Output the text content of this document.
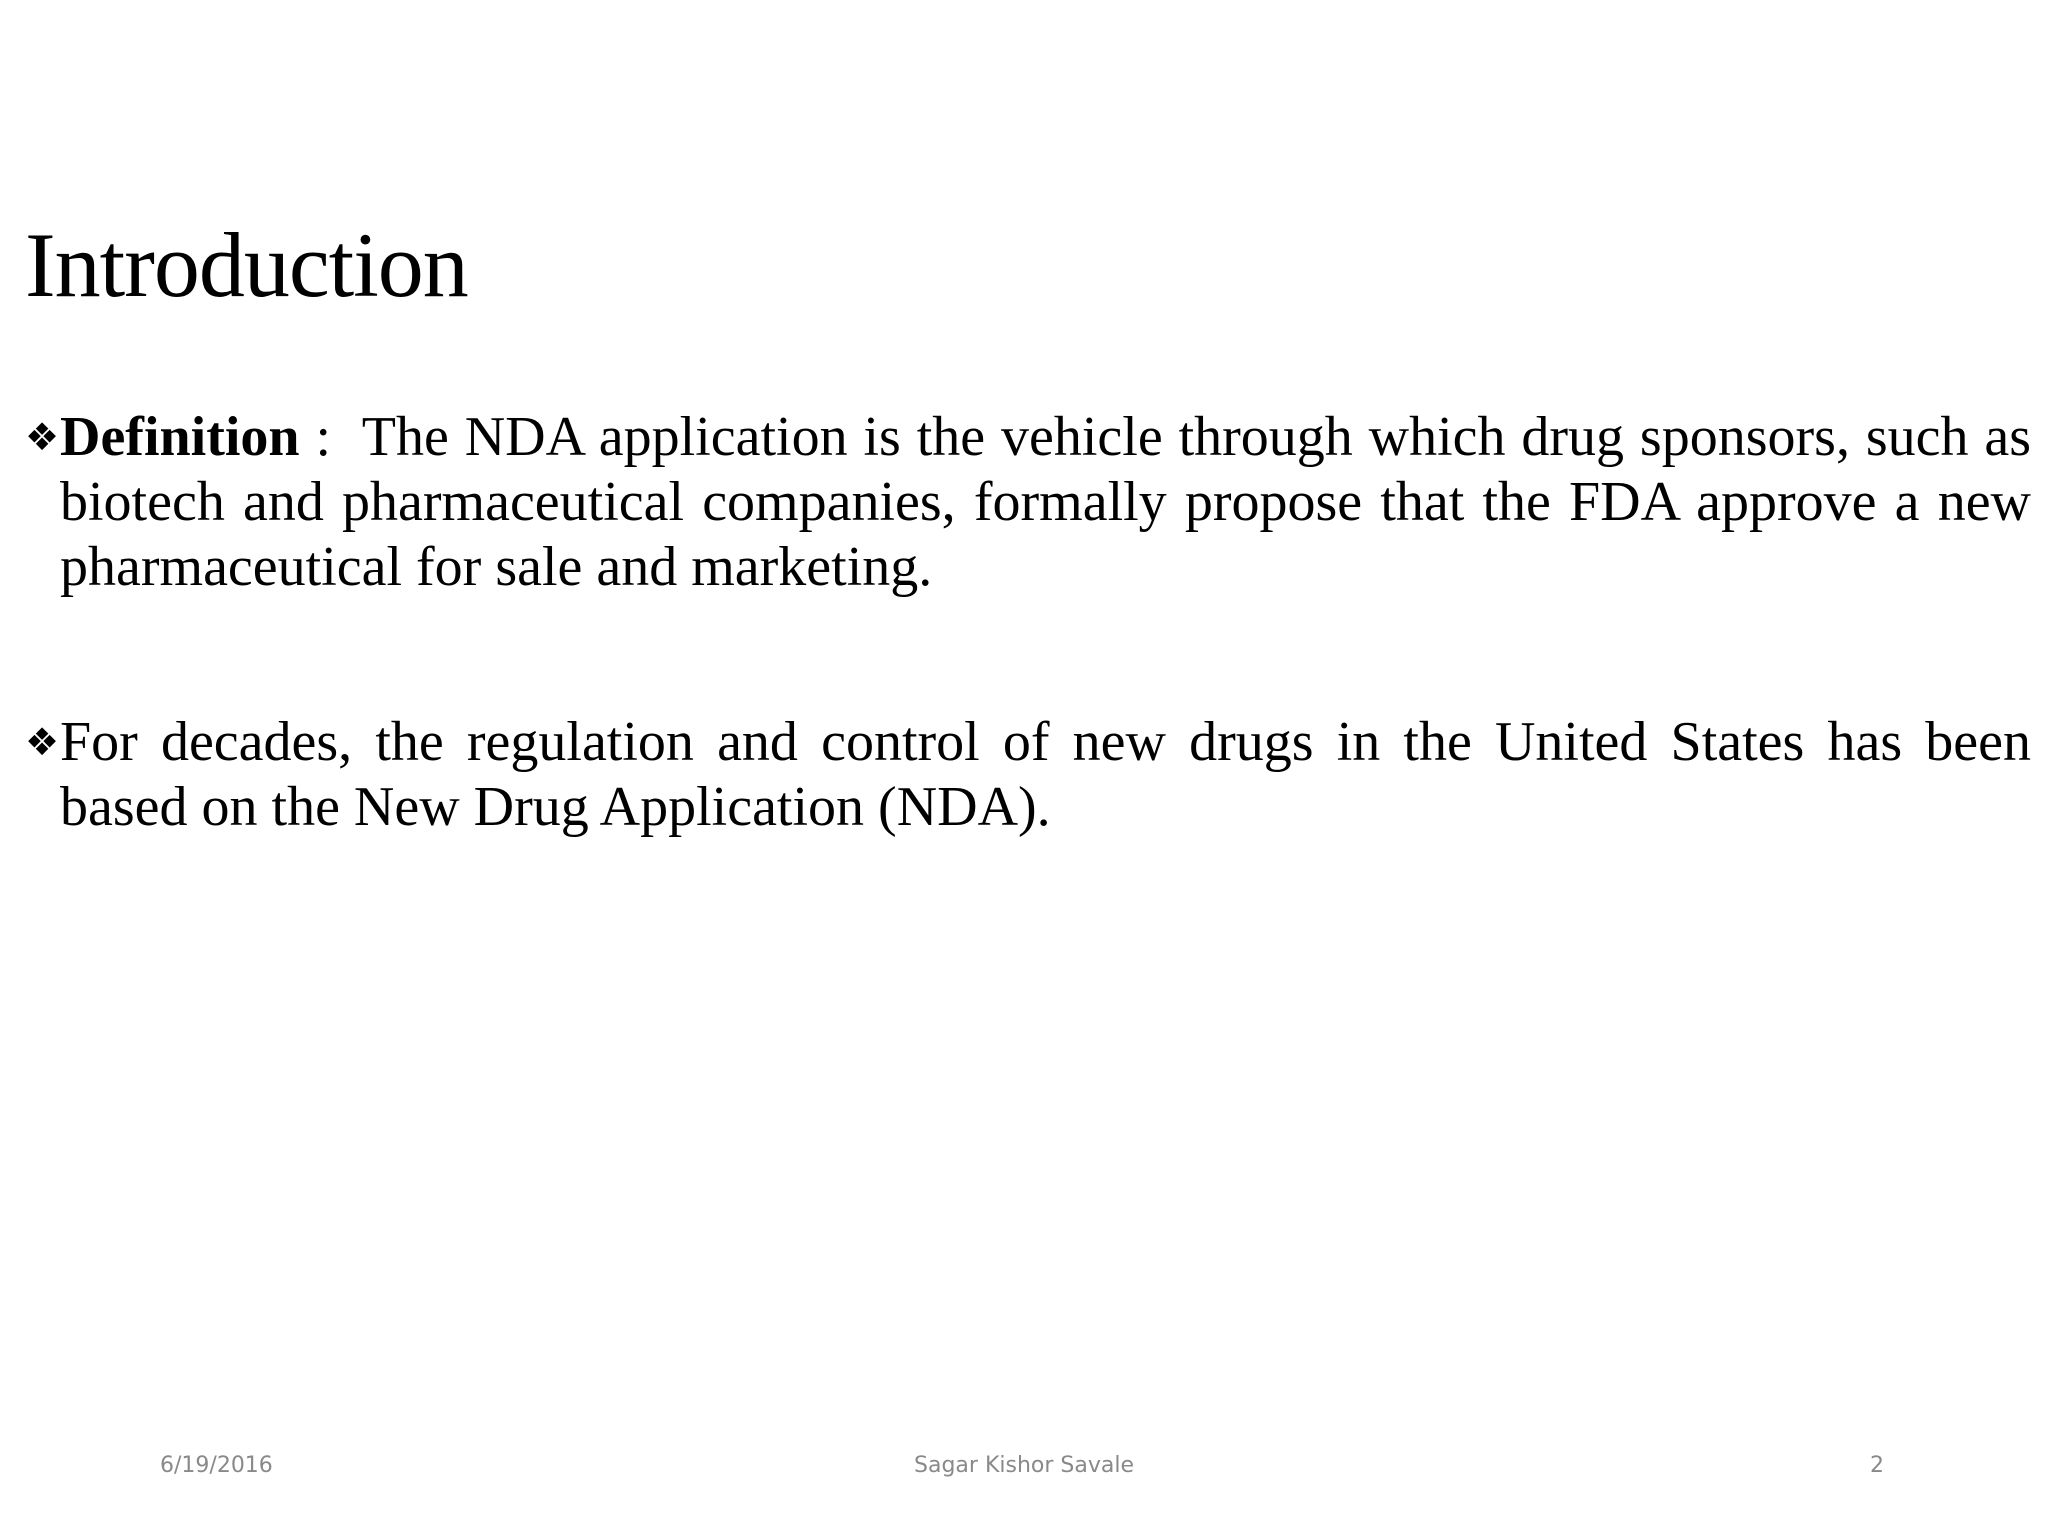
Introduction
❖ Definition :  The NDA application is the vehicle through which drug sponsors, such as biotech and pharmaceutical companies, formally propose that the FDA approve a new pharmaceutical for sale and marketing.
❖ For decades, the regulation and control of new drugs in the United States has been based on the New Drug Application (NDA).
6/19/2016	Sagar Kishor Savale	2
